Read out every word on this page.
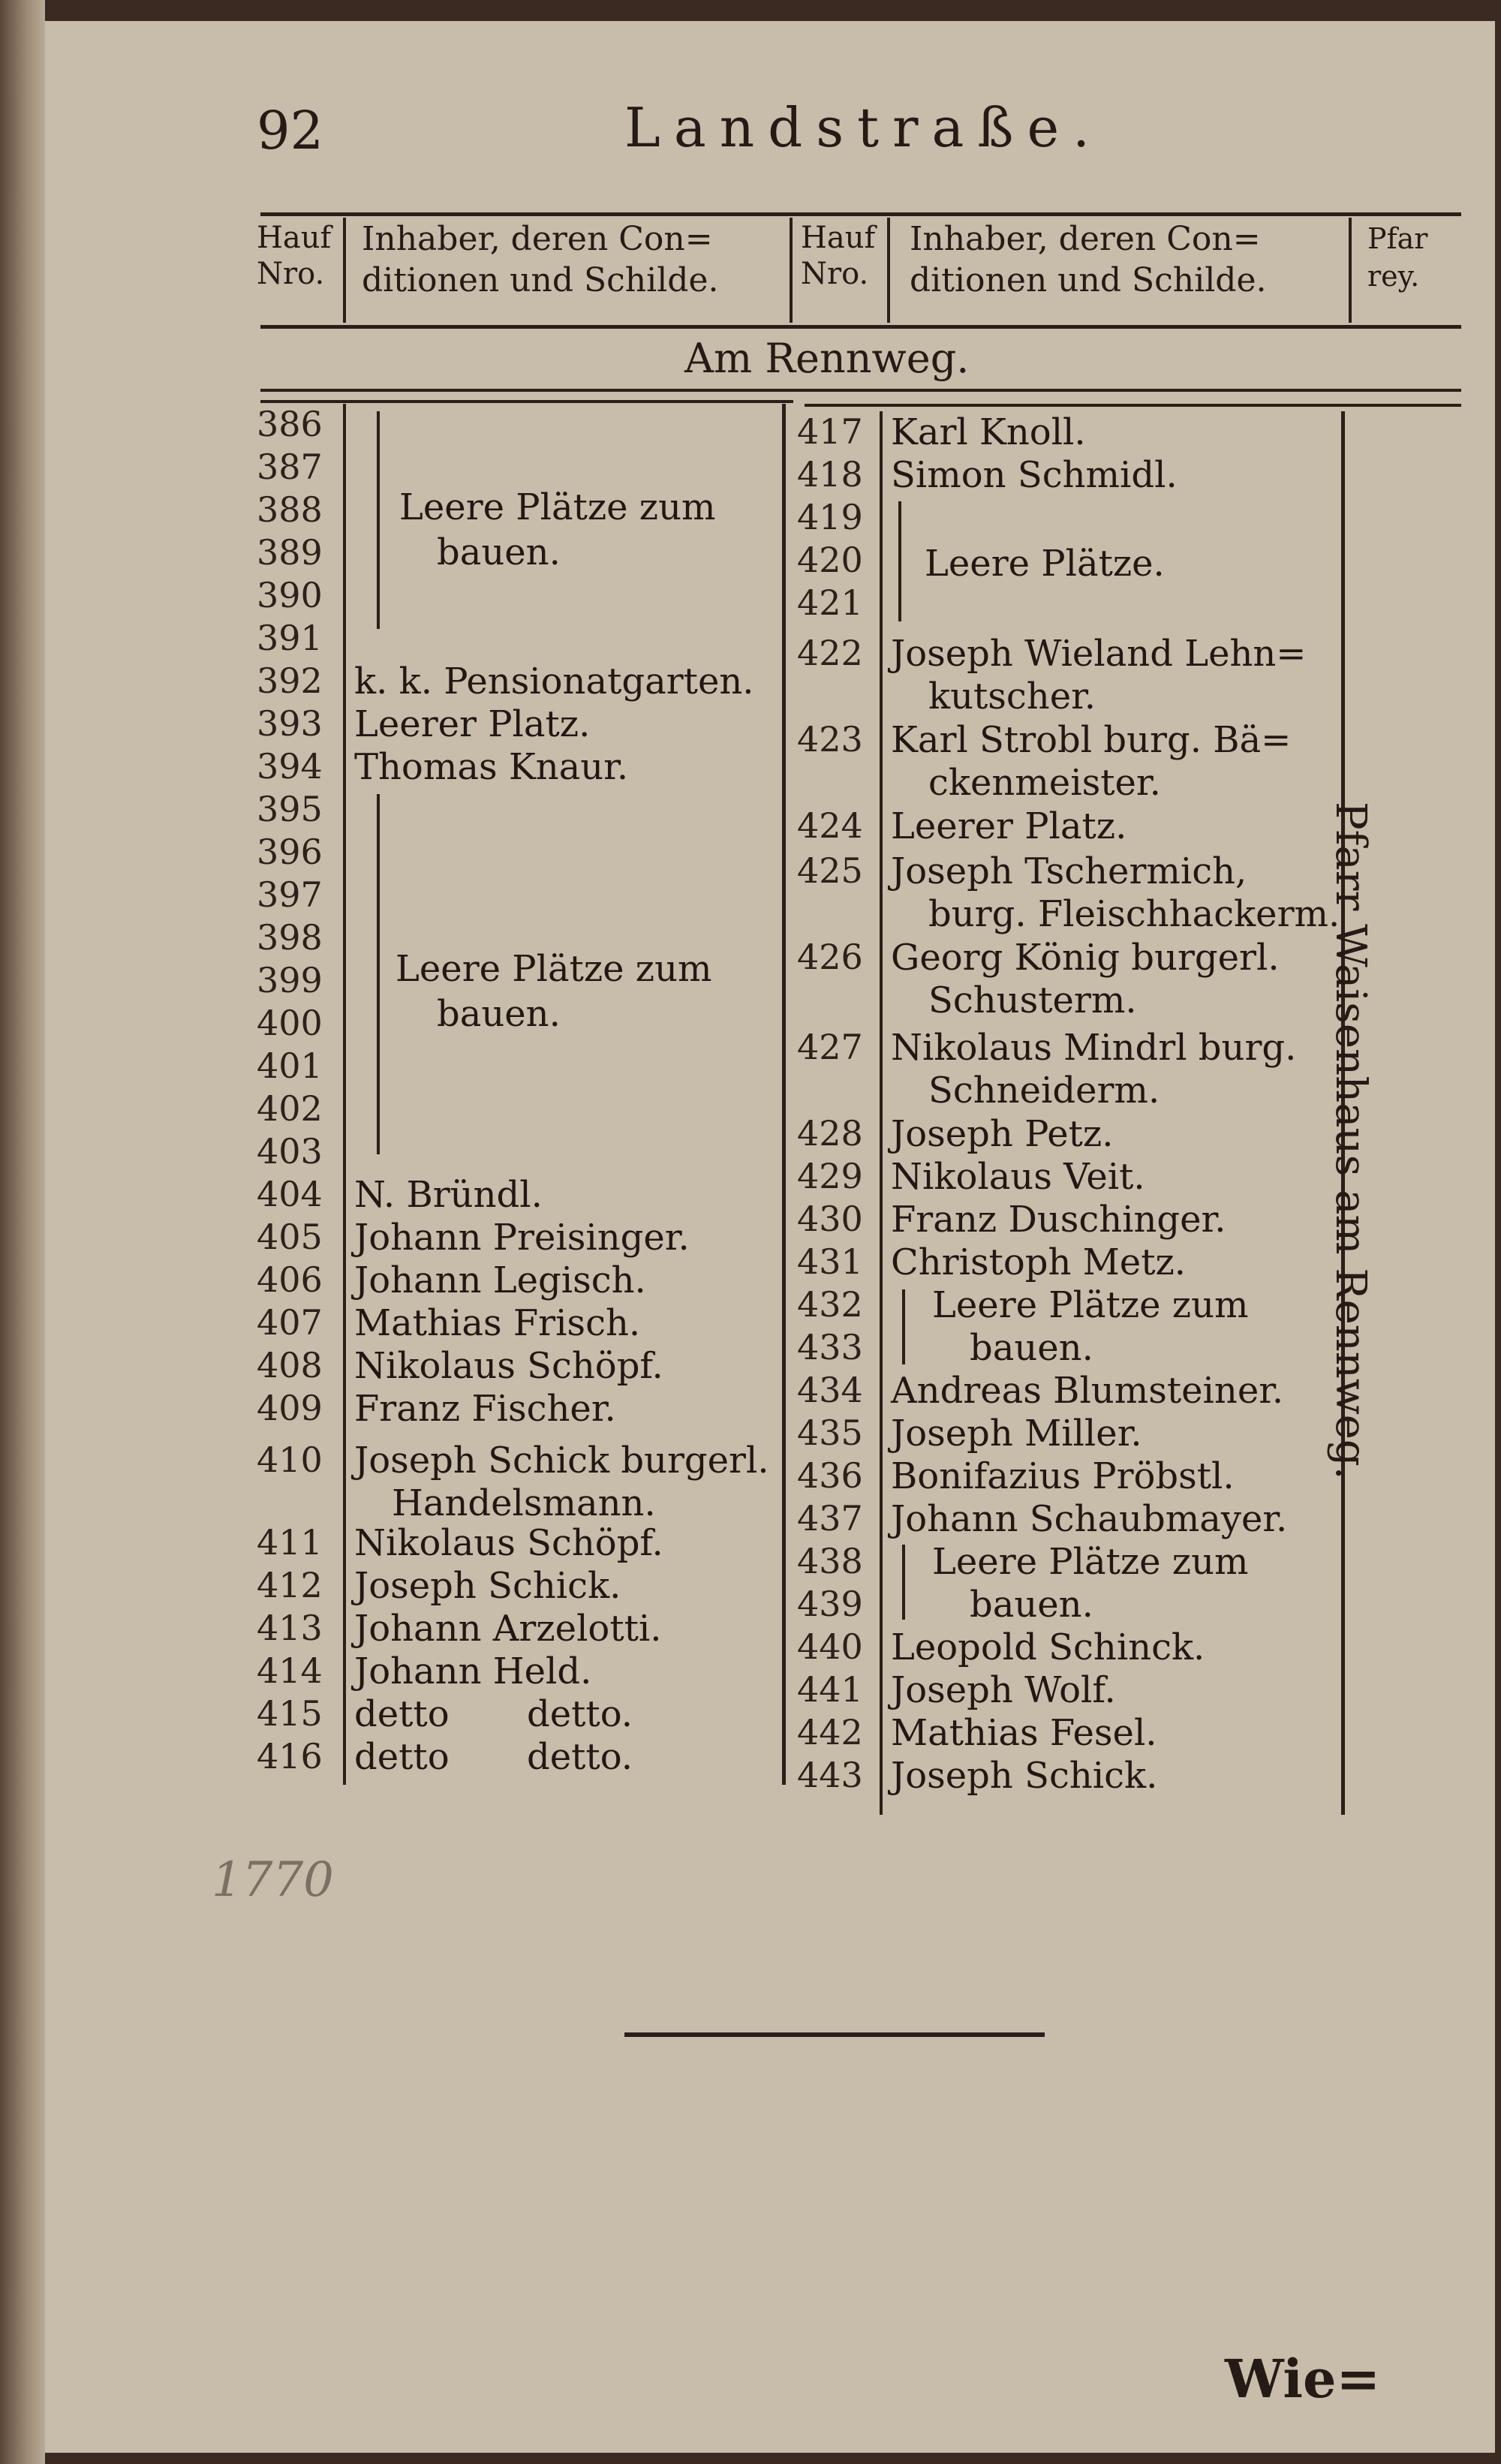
92	Landstraße.
Hauf Nro.
Inhaber, deren Con=
ditionen und Schilde.
Hauf Nro.
Inhaber, deren Con=
ditionen und Schilde.
Pfar rey.
Am Rennweg.
386
387
388
389
390
391
392
393
394
395
396
397
398
399
400
401
402
403
404
405
406
407
408
409
410
411
412
413
414
415
416
Leere Plätze zum
bauen.
k. k. Pensionatgarten.
Leerer Platz.
Thomas Knaur.
Leere Plätze zum
bauen.
N. Bründl.
Johann Preisinger.
Johann Legisch.
Mathias Frisch.
Nikolaus Schöpf.
Franz Fischer.
Joseph Schick burgerl.
Handelsmann.
Nikolaus Schöpf.
Joseph Schick.
Johann Arzelotti.
Johann Held.
detto detto.
detto detto.
417
418
419
420
421
422
423
424
425
426
427
428
429
430
431
432
433
434
435
436
437
438
439
440
441
442
443
Karl Knoll.
Simon Schmidl.
Leere Plätze.
Joseph Wieland Lehn=
kutscher.
Karl Strobl burg. Bä=
ckenmeister.
Leerer Platz.
Joseph Tschermich,
burg. Fleischhackerm.
Georg König burgerl.
Schusterm.
Nikolaus Mindrl burg.
Schneiderm.
Joseph Petz.
Nikolaus Veit.
Franz Duschinger.
Christoph Metz.
Leere Plätze zum
bauen.
Andreas Blumsteiner.
Joseph Miller.
Bonifazius Pröbstl.
Johann Schaubmayer.
Leere Plätze zum
bauen.
Leopold Schinck.
Joseph Wolf.
Mathias Fesel.
Joseph Schick.
Pfarr Waisenhaus am Rennweg.
1770
Wie=
